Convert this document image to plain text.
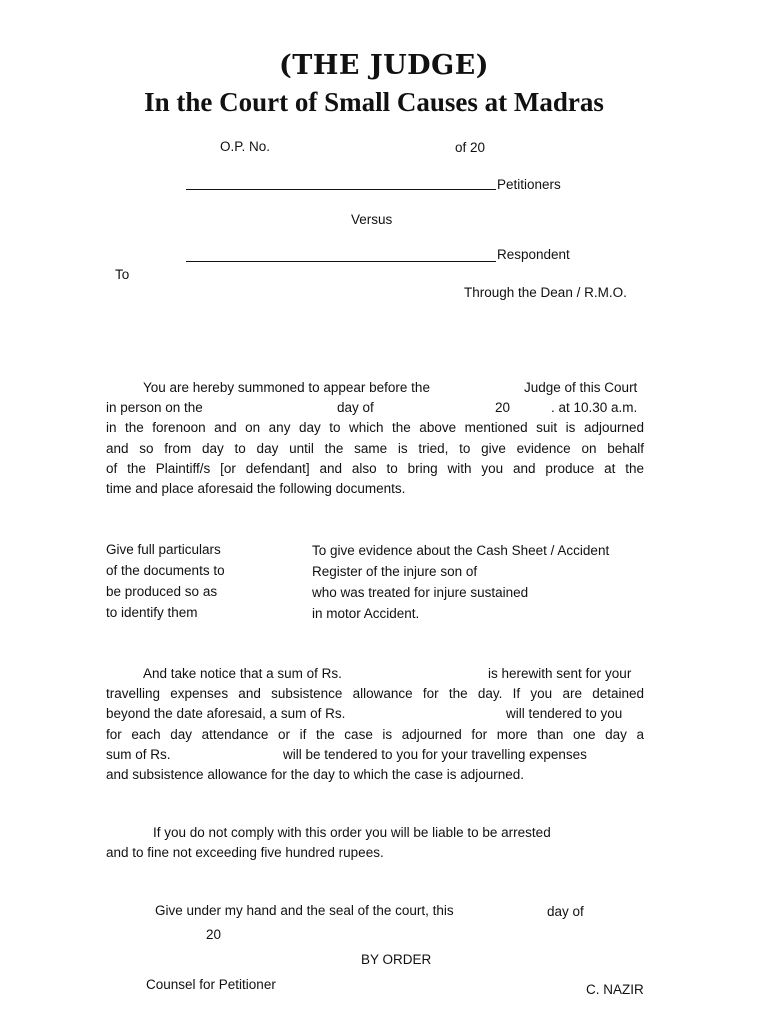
(THE JUDGE)
In the Court of Small Causes at Madras
O.P. No.	of 20
Petitioners
Versus
Respondent
To
Through the Dean / R.M.O.
You are hereby summoned to appear before the	Judge of this Court
in person on the	day of	20	. at 10.30 a.m.
in the forenoon and on any day to which the above mentioned suit is adjourned
and so from day to day until the same is tried, to give evidence on behalf
of the Plaintiff/s [or defendant] and also to bring with you and produce at the
time and place aforesaid the following documents.
Give full particulars
of the documents to
be produced so as
to identify them
To give evidence about the Cash Sheet / Accident
Register of the injure son of
who was treated for injure sustained
in motor Accident.
And take notice that a sum of Rs.	is herewith sent for your
travelling expenses and subsistence allowance for the day. If you are detained
beyond the date aforesaid, a sum of Rs.	will tendered to you
for each day attendance or if the case is adjourned for more than one day a
sum of Rs.	will be tendered to you for your travelling expenses
and subsistence allowance for the day to which the case is adjourned.
If you do not comply with this order you will be liable to be arrested
and to fine not exceeding five hundred rupees.
Give under my hand and the seal of the court, this	day of
20
BY ORDER
Counsel for Petitioner	C. NAZIR
